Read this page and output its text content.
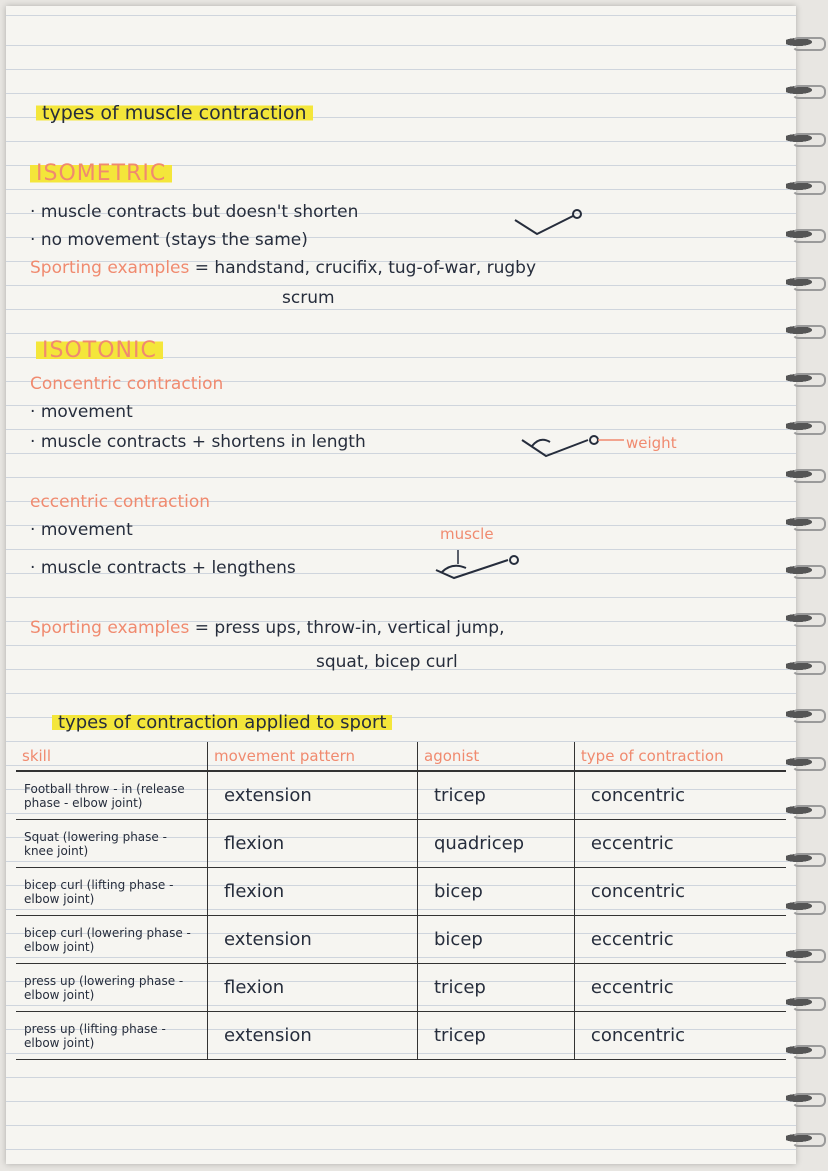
types of muscle contraction
ISOMETRIC
· muscle contracts but doesn't shorten
· no movement (stays the same)
Sporting examples = handstand, crucifix, tug-of-war, rugby
scrum
ISOTONIC
Concentric contraction
· movement
· muscle contracts + shortens in length	weight
eccentric contraction
· movement
· muscle contracts + lengthens
muscle
Sporting examples = press ups, throw-in, vertical jump,
squat, bicep curl
types of contraction applied to sport
skill	movement pattern	agonist	type of contraction
Football throw - in (release phase - elbow joint)	extension	tricep	concentric
Squat (lowering phase - knee joint)	flexion	quadricep	eccentric
bicep curl (lifting phase - elbow joint)	flexion	bicep	concentric
bicep curl (lowering phase - elbow joint)	extension	bicep	eccentric
press up (lowering phase - elbow joint)	flexion	tricep	eccentric
press up (lifting phase - elbow joint)	extension	tricep	concentric
